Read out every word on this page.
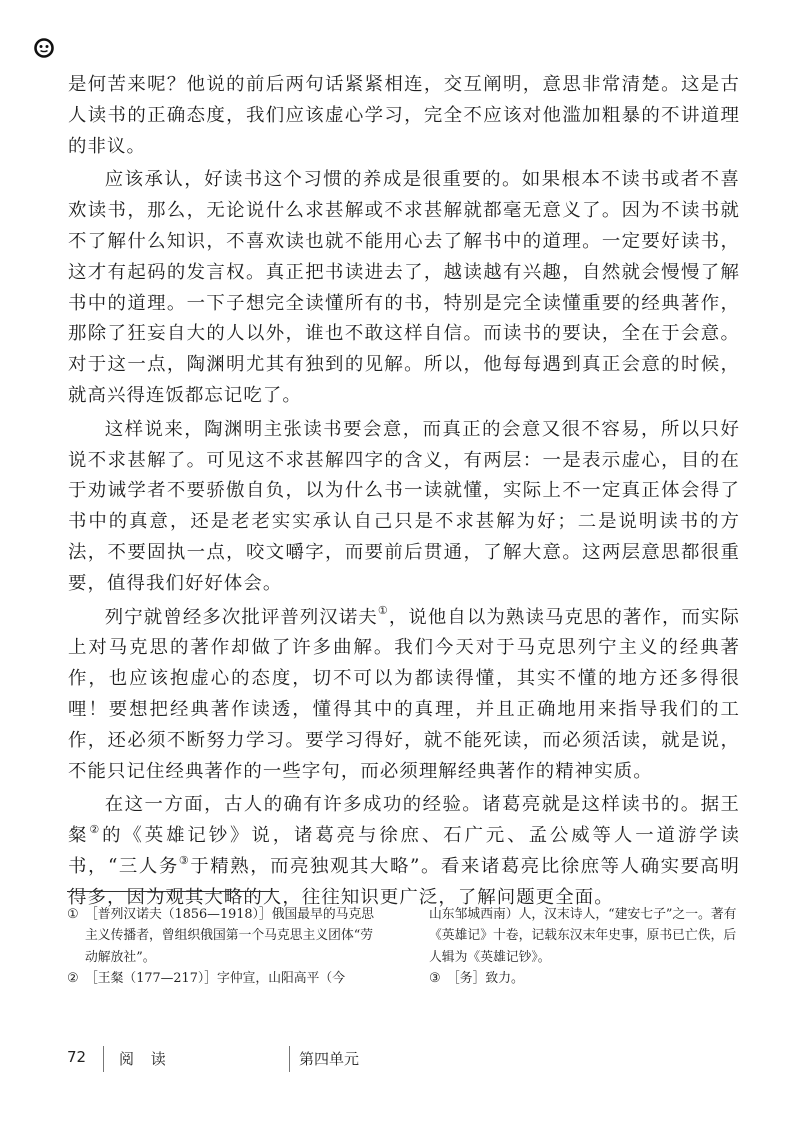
是何苦来呢？他说的前后两句话紧紧相连，交互阐明，意思非常清楚。这是古人读书的正确态度，我们应该虚心学习，完全不应该对他滥加粗暴的不讲道理的非议。

应该承认，好读书这个习惯的养成是很重要的。如果根本不读书或者不喜欢读书，那么，无论说什么求甚解或不求甚解就都毫无意义了。因为不读书就不了解什么知识，不喜欢读也就不能用心去了解书中的道理。一定要好读书，这才有起码的发言权。真正把书读进去了，越读越有兴趣，自然就会慢慢了解书中的道理。一下子想完全读懂所有的书，特别是完全读懂重要的经典著作，那除了狂妄自大的人以外，谁也不敢这样自信。而读书的要诀，全在于会意。对于这一点，陶渊明尤其有独到的见解。所以，他每每遇到真正会意的时候，就高兴得连饭都忘记吃了。

这样说来，陶渊明主张读书要会意，而真正的会意又很不容易，所以只好说不求甚解了。可见这不求甚解四字的含义，有两层：一是表示虚心，目的在于劝诫学者不要骄傲自负，以为什么书一读就懂，实际上不一定真正体会得了书中的真意，还是老老实实承认自己只是不求甚解为好；二是说明读书的方法，不要固执一点，咬文嚼字，而要前后贯通，了解大意。这两层意思都很重要，值得我们好好体会。

列宁就曾经多次批评普列汉诺夫①，说他自以为熟读马克思的著作，而实际上对马克思的著作却做了许多曲解。我们今天对于马克思列宁主义的经典著作，也应该抱虚心的态度，切不可以为都读得懂，其实不懂的地方还多得很哩！要想把经典著作读透，懂得其中的真理，并且正确地用来指导我们的工作，还必须不断努力学习。要学习得好，就不能死读，而必须活读，就是说，不能只记住经典著作的一些字句，而必须理解经典著作的精神实质。

在这一方面，古人的确有许多成功的经验。诸葛亮就是这样读书的。据王粲②的《英雄记钞》说，诸葛亮与徐庶、石广元、孟公威等人一道游学读书，“三人务③于精熟，而亮独观其大略”。看来诸葛亮比徐庶等人确实要高明得多，因为观其大略的人，往往知识更广泛，了解问题更全面。

① ［普列汉诺夫（1856—1918）］俄国最早的马克思主义传播者，曾组织俄国第一个马克思主义团体“劳动解放社”。
② ［王粲（177—217）］字仲宣，山阳高平（今
山东邹城西南）人，汉末诗人，“建安七子”之一。著有《英雄记》十卷，记载东汉末年史事，原书已亡佚，后人辑为《英雄记钞》。
③ ［务］致力。
72 阅 读	第四单元
